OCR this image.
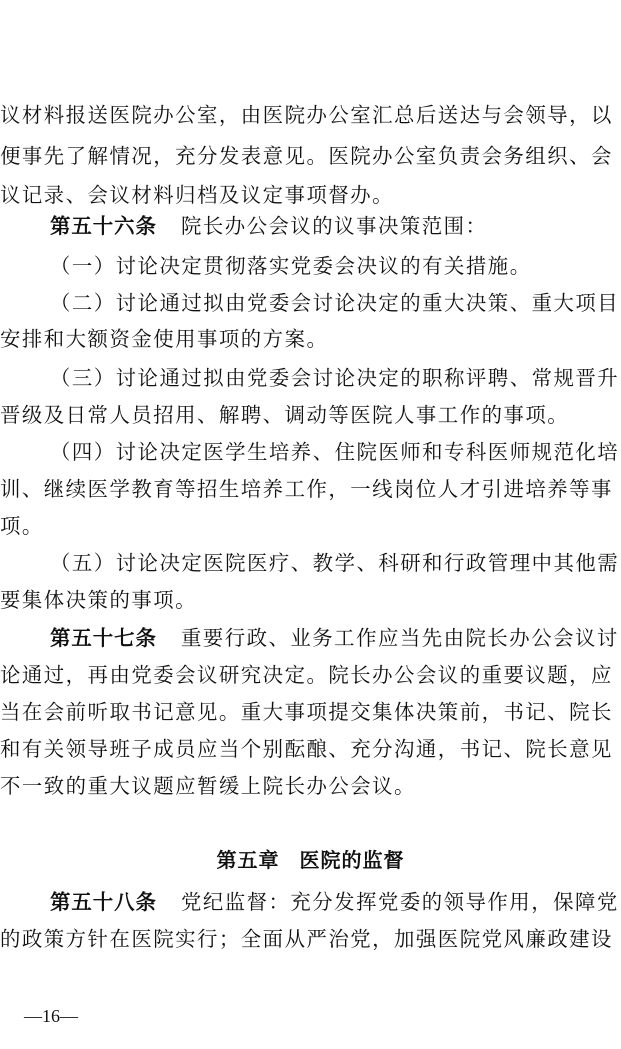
议材料报送医院办公室，由医院办公室汇总后送达与会领导，以
便事先了解情况，充分发表意见。医院办公室负责会务组织、会
议记录、会议材料归档及议定事项督办。
第五十六条 院长办公会议的议事决策范围：
（一）讨论决定贯彻落实党委会决议的有关措施。
（二）讨论通过拟由党委会讨论决定的重大决策、重大项目
安排和大额资金使用事项的方案。
（三）讨论通过拟由党委会讨论决定的职称评聘、常规晋升
晋级及日常人员招用、解聘、调动等医院人事工作的事项。
（四）讨论决定医学生培养、住院医师和专科医师规范化培
训、继续医学教育等招生培养工作，一线岗位人才引进培养等事
项。
（五）讨论决定医院医疗、教学、科研和行政管理中其他需
要集体决策的事项。
第五十七条 重要行政、业务工作应当先由院长办公会议讨
论通过，再由党委会议研究决定。院长办公会议的重要议题，应
当在会前听取书记意见。重大事项提交集体决策前，书记、院长
和有关领导班子成员应当个别酝酿、充分沟通，书记、院长意见
不一致的重大议题应暂缓上院长办公会议。
第五章 医院的监督
第五十八条 党纪监督：充分发挥党委的领导作用，保障党
的政策方针在医院实行；全面从严治党，加强医院党风廉政建设
—16—
